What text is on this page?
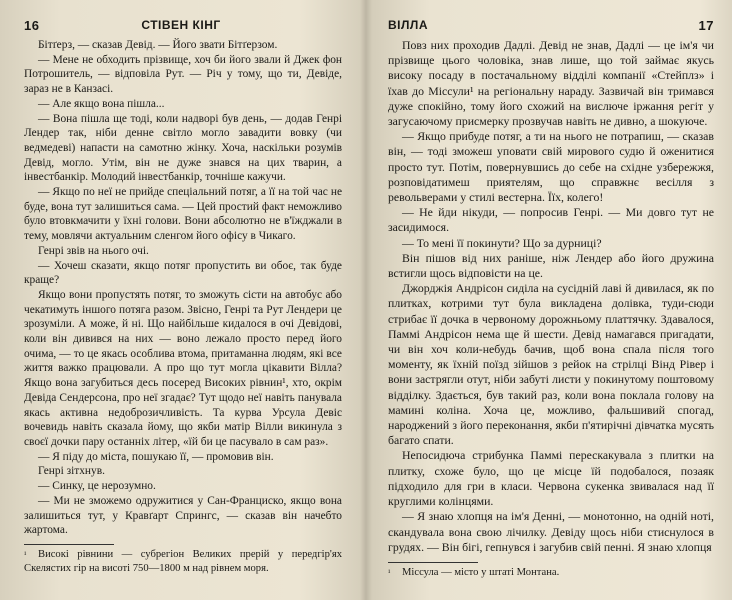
16	СТІВЕН КІНГ

Бітґерз, — сказав Девід. — Його звати Бітґерзом.

— Мене не обходить прізвище, хоч би його звали й Джек фон Потрошитель, — відповіла Рут. — Річ у тому, що ти, Девіде, зараз не в Канзасі.

— Але якщо вона пішла...

— Вона пішла ще тоді, коли надворі був день, — додав Генрі Лендер так, ніби денне світло могло завадити вовку (чи ведмедеві) напасти на самотню жінку. Хоча, наскільки розумів Девід, могло. Утім, він не дуже знався на цих тварин, а інвестбанкір. Молодий інвестбанкір, точніше кажучи.

— Якщо по неї не прийде спеціальний потяг, а її на той час не буде, вона тут залишиться сама. — Цей простий факт неможливо було втовкмачити у їхні голови. Вони абсолютно не в'їжджали в тему, мовлячи актуальним сленгом його офісу в Чикаго.

Генрі звів на нього очі.

— Хочеш сказати, якщо потяг пропустить ви обоє, так буде краще?

Якщо вони пропустять потяг, то зможуть сісти на автобус або чекатимуть іншого потяга разом. Звісно, Генрі та Рут Лендери це зрозуміли. А може, й ні. Що найбільше кидалося в очі Девідові, коли він дивився на них — воно лежало просто перед його очима, — то це якась особлива втома, притаманна людям, які все життя важко працювали. А про що тут могла цікавити Вілла? Якщо вона загубиться десь посеред Високих рівнин¹, хто, окрім Девіда Сендерсона, про неї згадає? Тут щодо неї навіть панувала якась активна недоброзичливість. Та курва Урсула Девіс вочевидь навіть сказала йому, що якби матір Вілли викинула з своєї дочки пару останніх літер, «їй би це пасувало в сам раз».

— Я піду до міста, пошукаю її, — промовив він.

Генрі зітхнув.

— Синку, це нерозумно.

— Ми не зможемо одружитися у Сан-Франциско, якщо вона залишиться тут, у Кравґарт Спрингс, — сказав він начебто жартома.

¹ Високі рівнини — субрегіон Великих прерій у передгір'ях Скелястих гір на висоті 750—1800 м над рівнем моря.
ВІЛЛА	17

Повз них проходив Дадлі. Девід не знав, Дадлі — це ім'я чи прізвище цього чоловіка, знав лише, що той займає якусь високу посаду в постачальному відділі компанії «Стейплз» і їхав до Міссули¹ на регіональну нараду. Зазвичай він тримався дуже спокійно, тому його схожий на вислюче іржання регіт у загусаючому присмерку прозвучав навіть не дивно, а шокуюче.

— Якщо прибуде потяг, а ти на нього не потрапиш, — сказав він, — тоді зможеш уповати свій мирового судю й оженитися просто тут. Потім, повернувшись до себе на східне узбережжя, розповідатимеш приятелям, що справжнє весілля з револьверами у стилі вестерна. Їїх, колего!

— Не йди нікуди, — попросив Генрі. — Ми довго тут не засидимося.

— То мені її покинути? Що за дурниці?

Він пішов від них раніше, ніж Лендер або його дружина встигли щось відповісти на це.

Джорджія Андрісон сиділа на сусідній лаві й дивилася, як по плитках, котрими тут була викладена долівка, туди-сюди стрибає її дочка в червоному дорожньому платтячку. Здавалося, Паммі Андрісон нема ще й шести. Девід намагався пригадати, чи він хоч коли-небудь бачив, щоб вона спала після того моменту, як їхній поїзд зійшов з рейок на стрілці Вінд Рівер і вони застрягли отут, ніби забуті листи у покинутому поштовому відділку. Здається, був такий раз, коли вона поклала голову на мамині коліна. Хоча це, можливо, фальшивий спогад, народжений з його переконання, якби п'ятирічні дівчатка мусять багато спати.

Непосидюча стрибунка Паммі перескакувала з плитки на плитку, схоже було, що це місце їй подобалося, позаяк підходило для гри в класи. Червона сукенка звивалася над її круглими колінцями.

— Я знаю хлопця на ім'я Денні, — монотонно, на одній ноті, скандувала вона свою лічилку. Девіду щось ніби стиснулося в грудях. — Він бігі, гепнувся і загубив свій пенні. Я знаю хлопця

¹ Міссула — місто у штаті Монтана.
